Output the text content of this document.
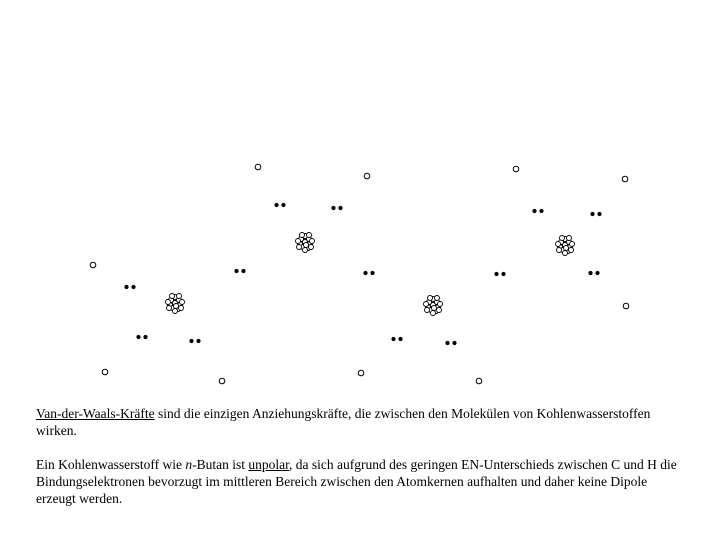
Van-der-Waals-Kräfte sind die einzigen Anziehungskräfte, die zwischen den Molekülen von Kohlenwasserstoffen wirken.
Ein Kohlenwasserstoff wie n-Butan ist unpolar, da sich aufgrund des geringen EN-Unterschieds zwischen C und H die Bindungselektronen bevorzugt im mittleren Bereich zwischen den Atomkernen aufhalten und daher keine Dipole erzeugt werden.
